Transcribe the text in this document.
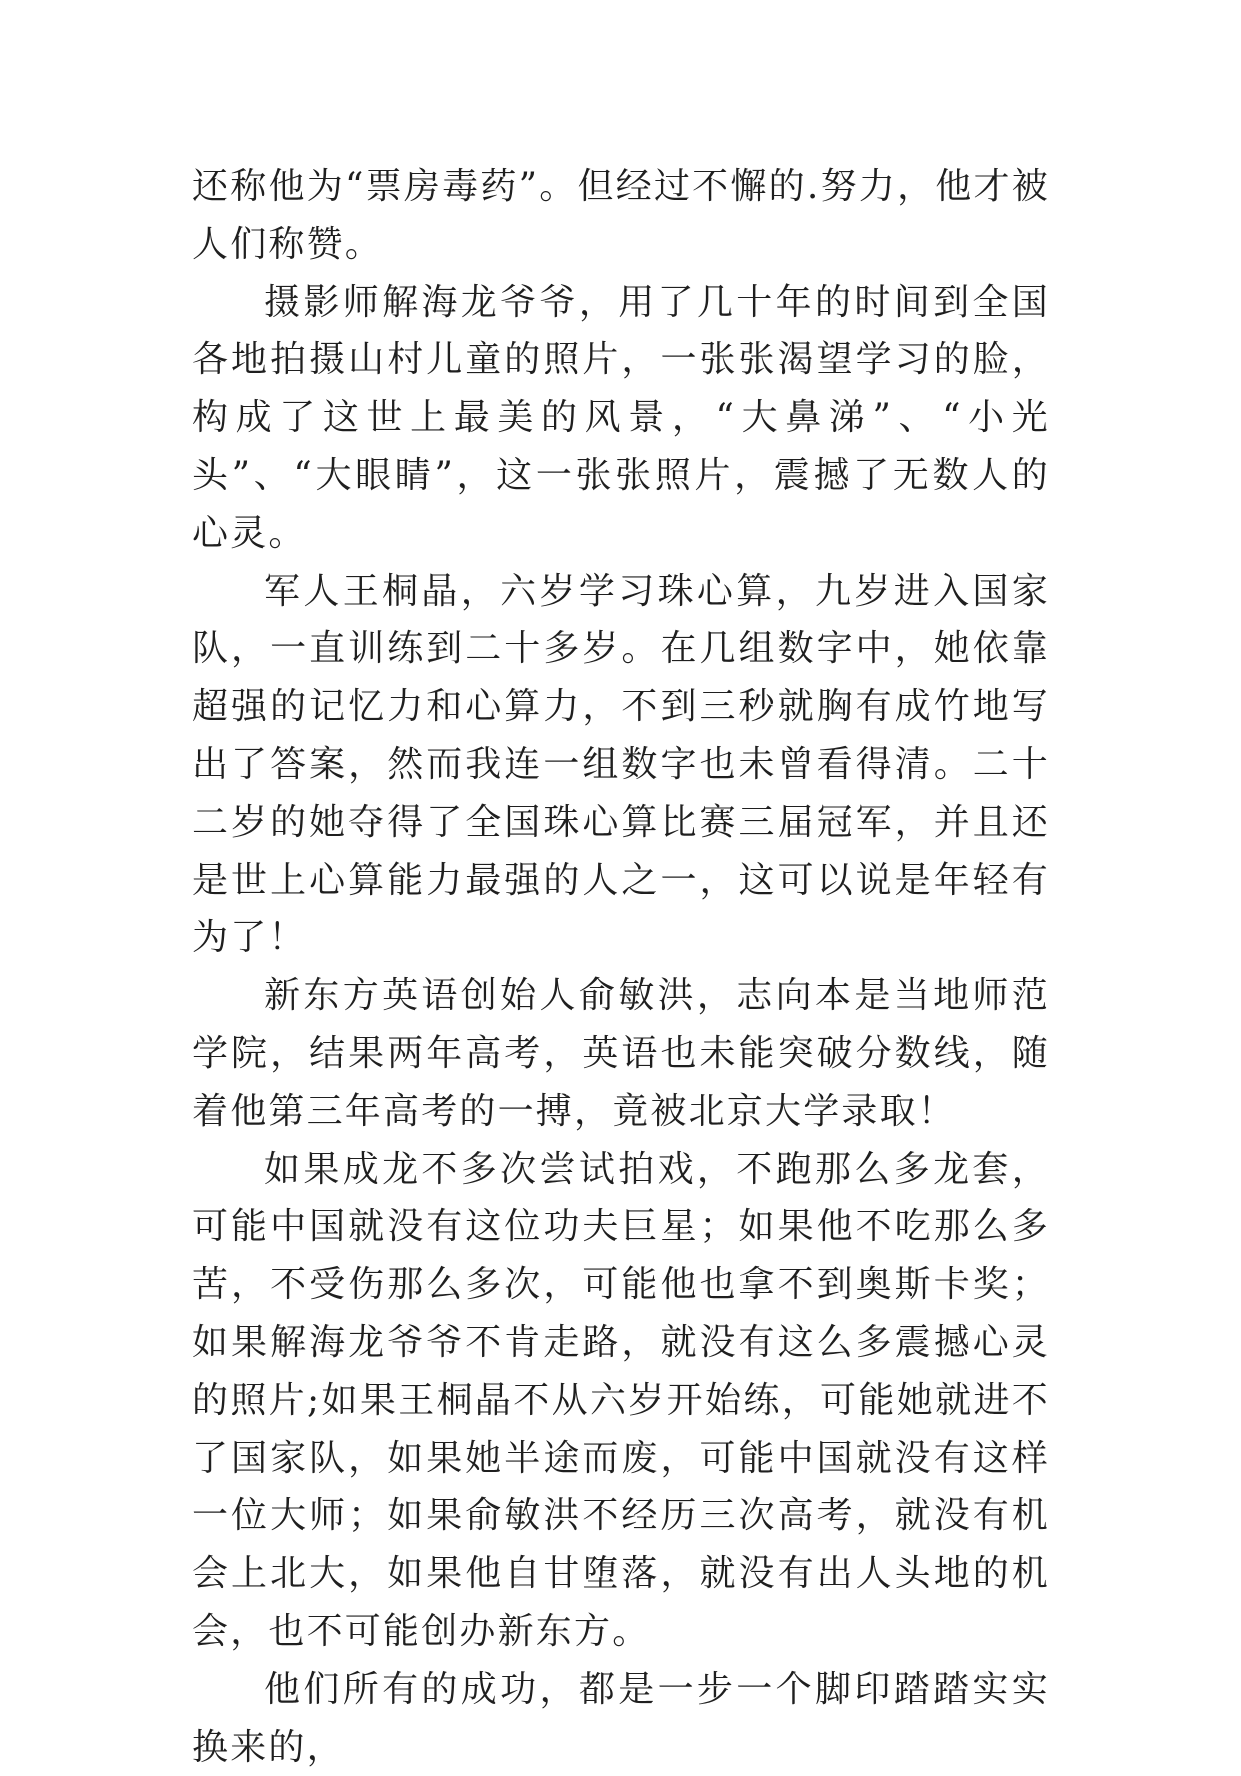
还称他为“票房毒药”。但经过不懈的.努力，他才被人们称赞。

摄影师解海龙爷爷，用了几十年的时间到全国各地拍摄山村儿童的照片，一张张渴望学习的脸，构成了这世上最美的风景，“大鼻涕”、“小光头”、“大眼睛”，这一张张照片，震撼了无数人的心灵。

军人王桐晶，六岁学习珠心算，九岁进入国家队，一直训练到二十多岁。在几组数字中，她依靠超强的记忆力和心算力，不到三秒就胸有成竹地写出了答案，然而我连一组数字也未曾看得清。二十二岁的她夺得了全国珠心算比赛三届冠军，并且还是世上心算能力最强的人之一，这可以说是年轻有为了！

新东方英语创始人俞敏洪，志向本是当地师范学院，结果两年高考，英语也未能突破分数线，随着他第三年高考的一搏，竟被北京大学录取！

如果成龙不多次尝试拍戏，不跑那么多龙套，可能中国就没有这位功夫巨星；如果他不吃那么多苦，不受伤那么多次，可能他也拿不到奥斯卡奖；如果解海龙爷爷不肯走路，就没有这么多震撼心灵的照片;如果王桐晶不从六岁开始练，可能她就进不了国家队，如果她半途而废，可能中国就没有这样一位大师；如果俞敏洪不经历三次高考，就没有机会上北大，如果他自甘堕落，就没有出人头地的机会，也不可能创办新东方。

他们所有的成功，都是一步一个脚印踏踏实实换来的，
